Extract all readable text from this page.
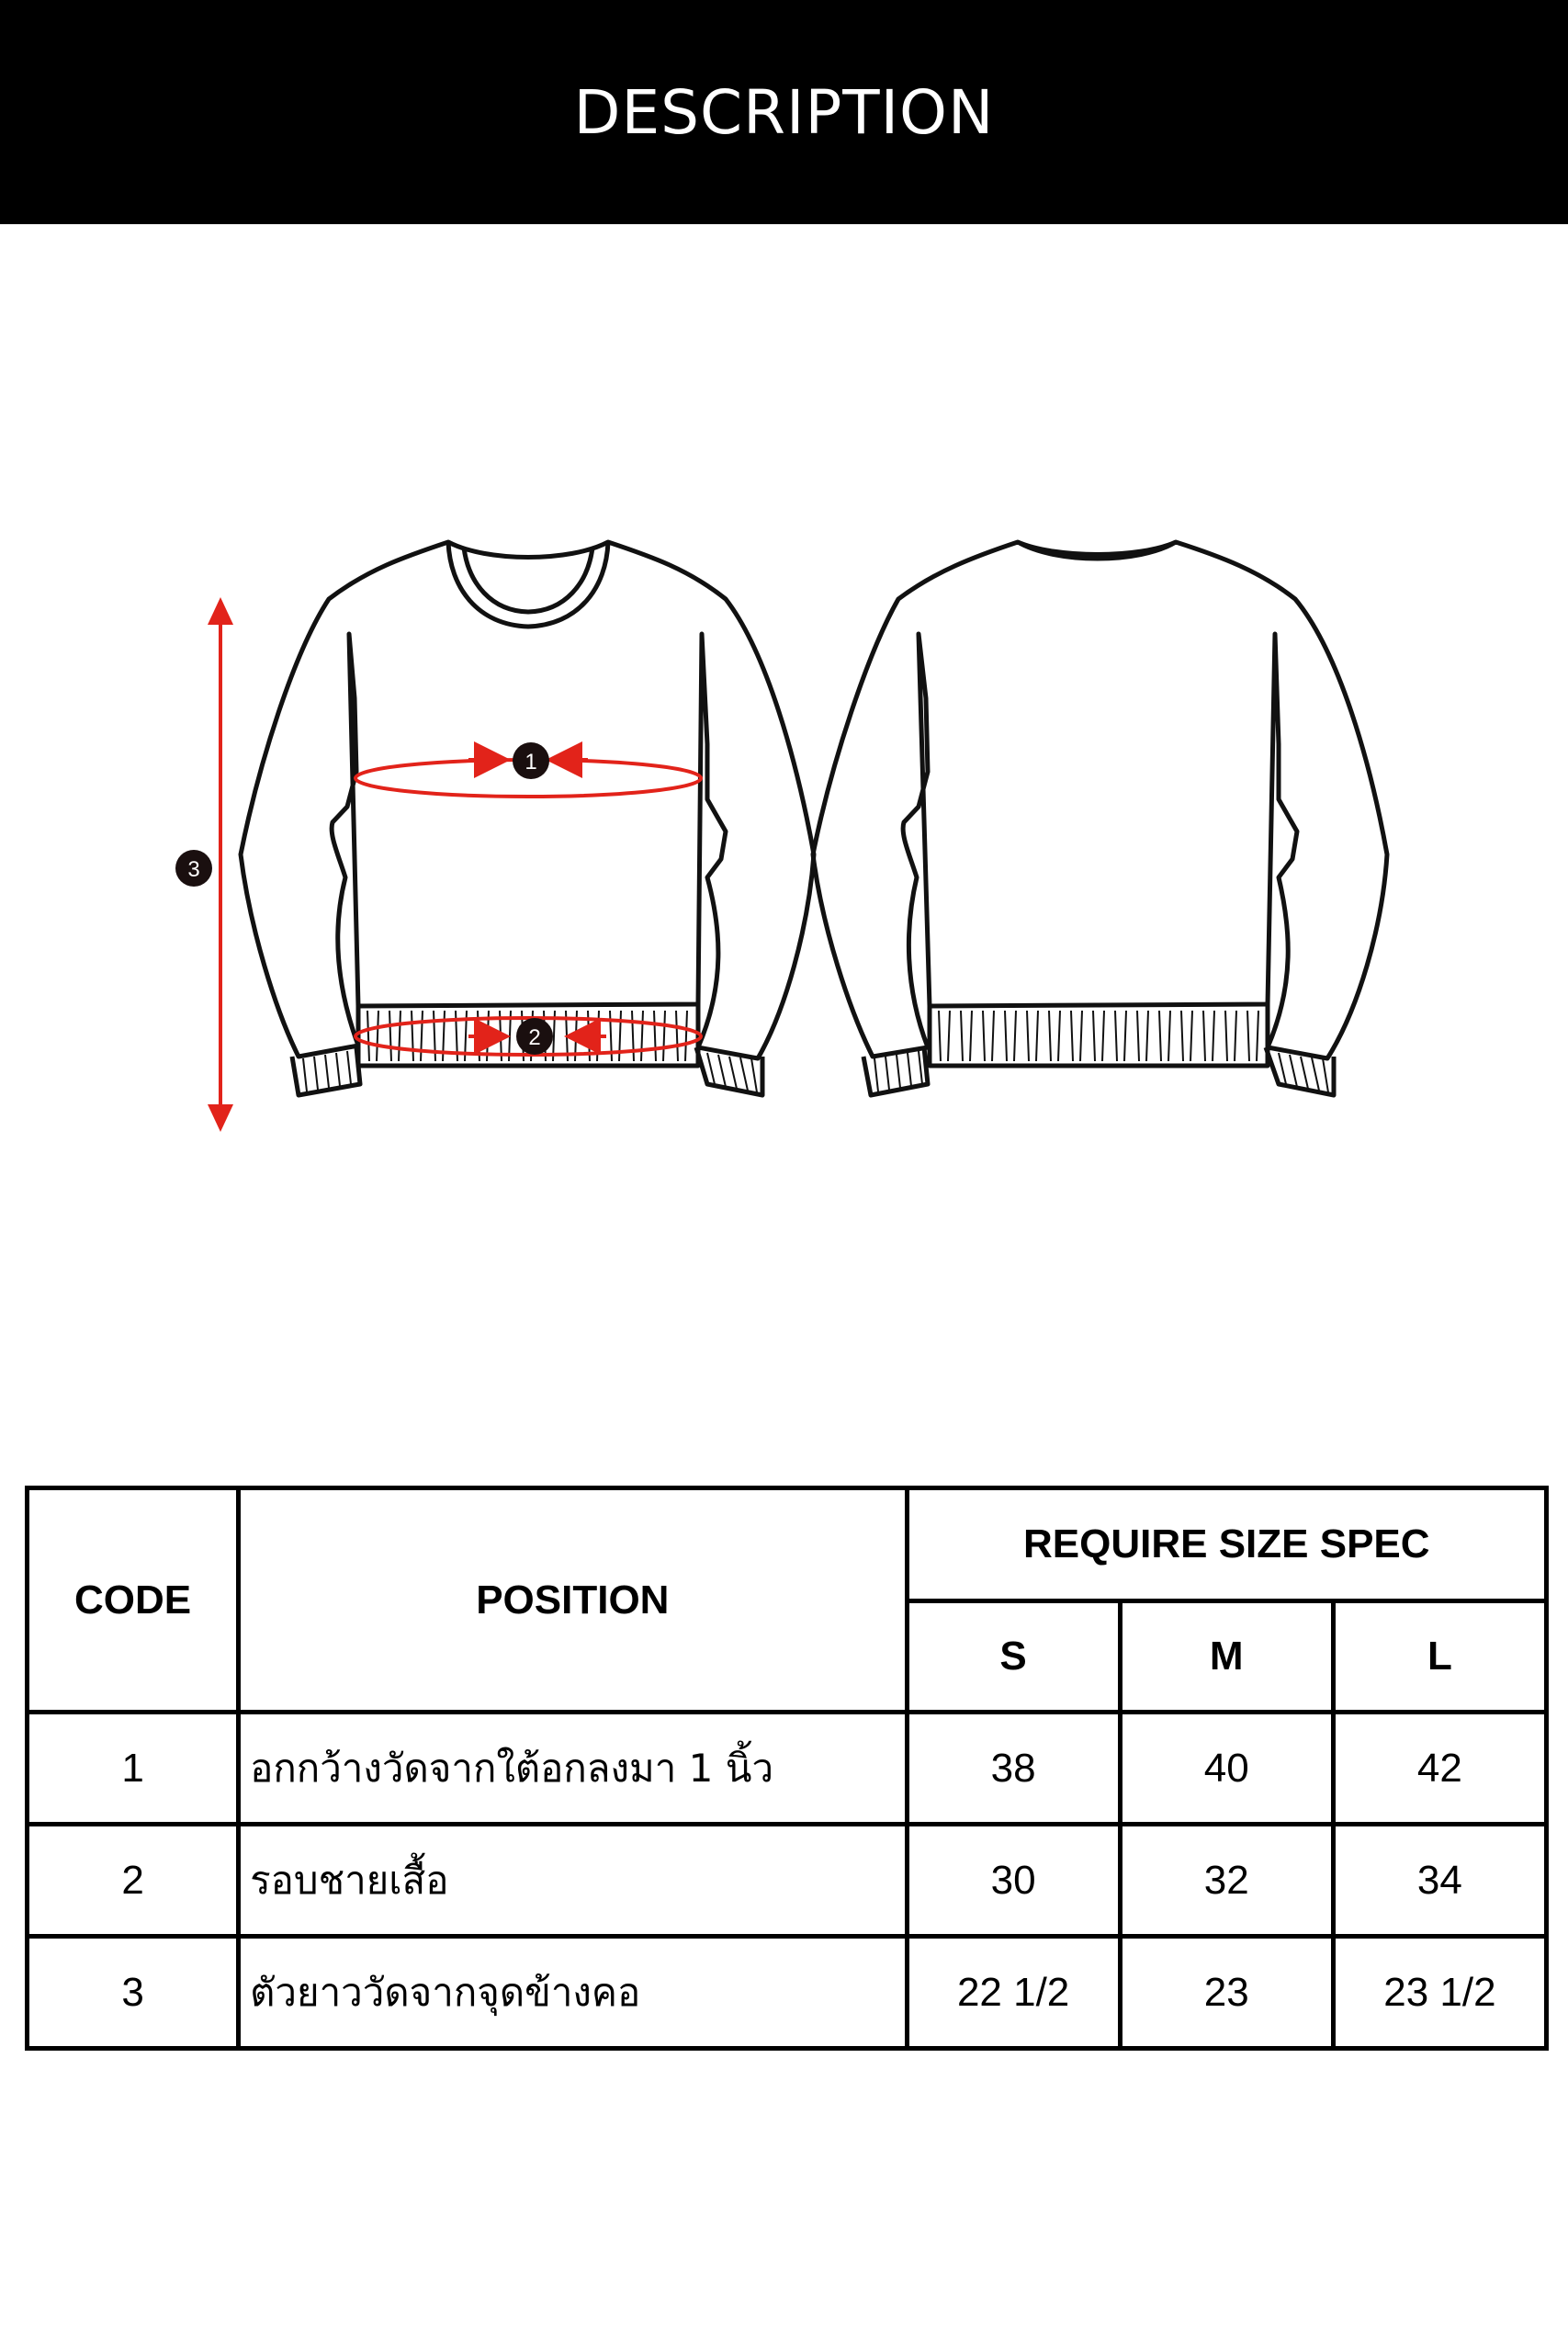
DESCRIPTION
1
2
3
CODE	POSITION	REQUIRE SIZE SPEC		
		S	M	L
1	อกกว้างวัดจากใต้อกลงมา 1 นิ้ว	38	40	42
2	รอบชายเสื้อ	30	32	34
3	ตัวยาววัดจากจุดข้างคอ	22 1/2	23	23 1/2
